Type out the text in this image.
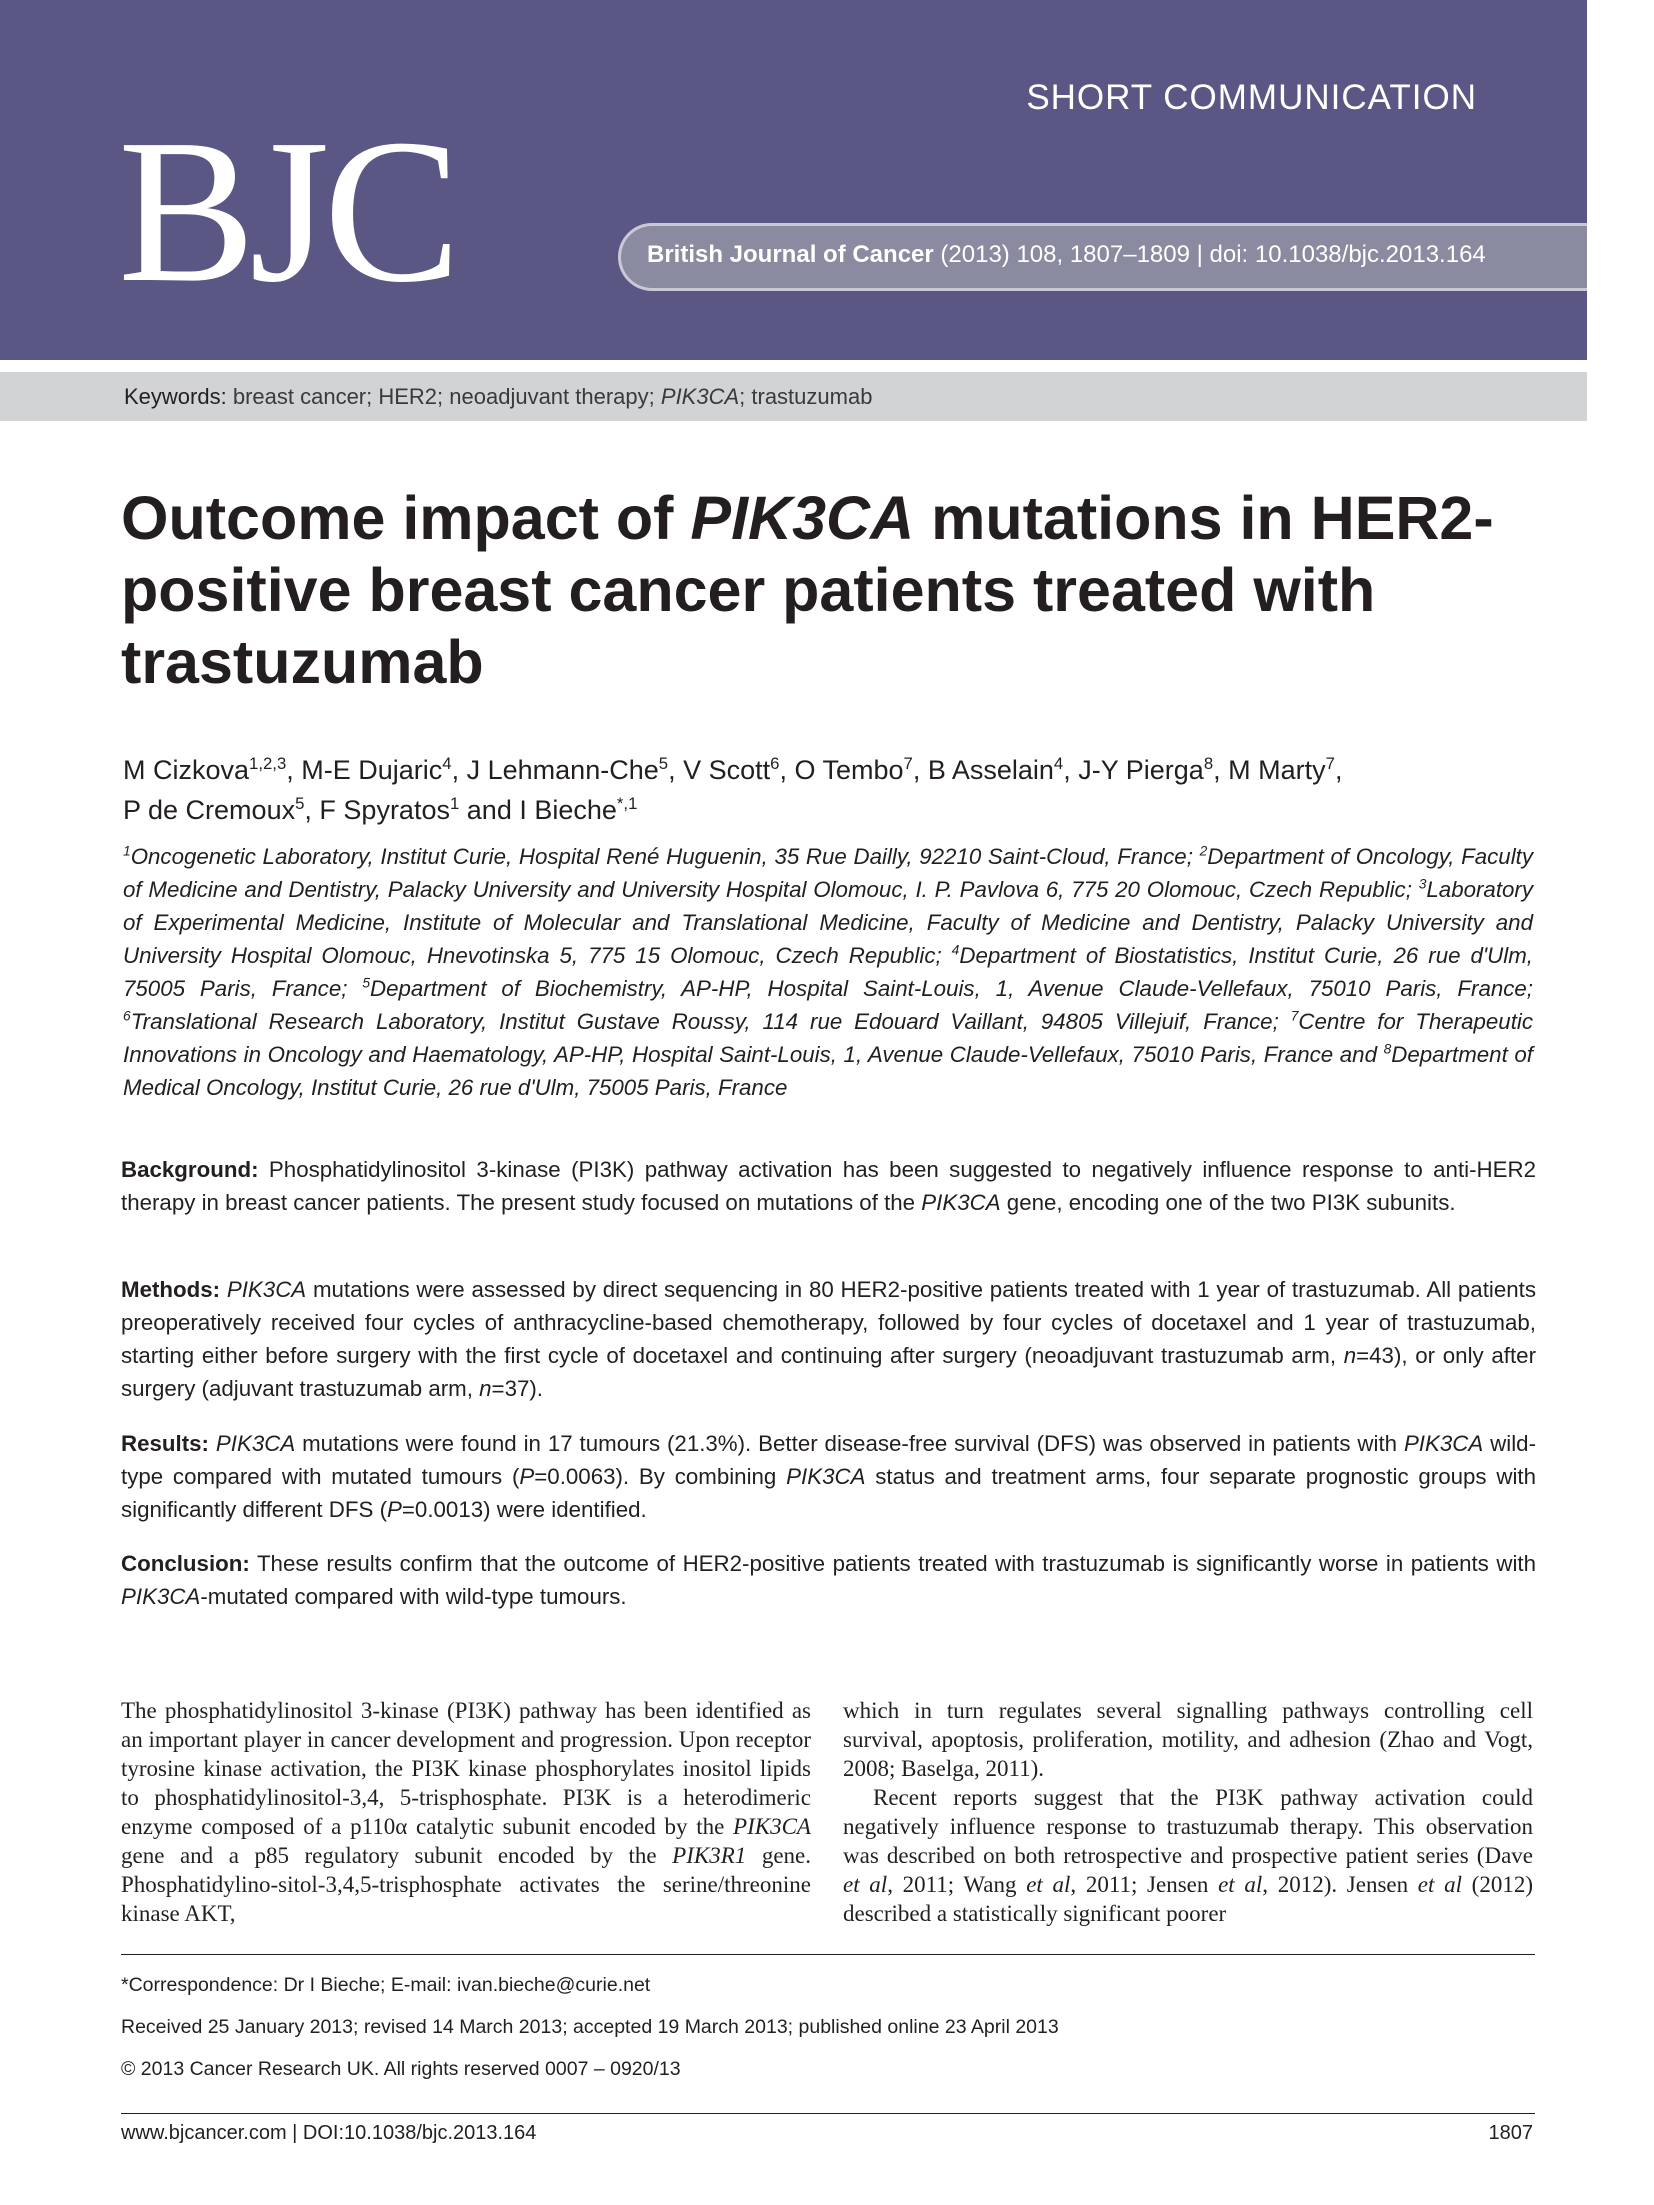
BJC	SHORT COMMUNICATION
British Journal of Cancer (2013) 108, 1807–1809 | doi: 10.1038/bjc.2013.164
Keywords: breast cancer; HER2; neoadjuvant therapy; PIK3CA; trastuzumab
Outcome impact of PIK3CA mutations in HER2-positive breast cancer patients treated with trastuzumab
M Cizkova$^{1,2,3}$, M-E Dujaric$^4$, J Lehmann-Che$^5$, V Scott$^6$, O Tembo$^7$, B Asselain$^4$, J-Y Pierga$^8$, M Marty$^7$,
P de Cremoux$^5$, F Spyratos$^1$ and I Bieche$^{*,1}$
$^1$Oncogenetic Laboratory, Institut Curie, Hospital René Huguenin, 35 Rue Dailly, 92210 Saint-Cloud, France; $^2$Department of Oncology, Faculty of Medicine and Dentistry, Palacky University and University Hospital Olomouc, I. P. Pavlova 6, 775 20 Olomouc, Czech Republic; $^3$Laboratory of Experimental Medicine, Institute of Molecular and Translational Medicine, Faculty of Medicine and Dentistry, Palacky University and University Hospital Olomouc, Hnevotinska 5, 775 15 Olomouc, Czech Republic; $^4$Department of Biostatistics, Institut Curie, 26 rue d'Ulm, 75005 Paris, France; $^5$Department of Biochemistry, AP-HP, Hospital Saint-Louis, 1, Avenue Claude-Vellefaux, 75010 Paris, France; $^6$Translational Research Laboratory, Institut Gustave Roussy, 114 rue Edouard Vaillant, 94805 Villejuif, France; $^7$Centre for Therapeutic Innovations in Oncology and Haematology, AP-HP, Hospital Saint-Louis, 1, Avenue Claude-Vellefaux, 75010 Paris, France and $^8$Department of Medical Oncology, Institut Curie, 26 rue d'Ulm, 75005 Paris, France
Background: Phosphatidylinositol 3-kinase (PI3K) pathway activation has been suggested to negatively influence response to anti-HER2 therapy in breast cancer patients. The present study focused on mutations of the PIK3CA gene, encoding one of the two PI3K subunits.
Methods: PIK3CA mutations were assessed by direct sequencing in 80 HER2-positive patients treated with 1 year of trastuzumab. All patients preoperatively received four cycles of anthracycline-based chemotherapy, followed by four cycles of docetaxel and 1 year of trastuzumab, starting either before surgery with the first cycle of docetaxel and continuing after surgery (neoadjuvant trastuzumab arm, n=43), or only after surgery (adjuvant trastuzumab arm, n=37).
Results: PIK3CA mutations were found in 17 tumours (21.3%). Better disease-free survival (DFS) was observed in patients with PIK3CA wild-type compared with mutated tumours (P=0.0063). By combining PIK3CA status and treatment arms, four separate prognostic groups with significantly different DFS (P=0.0013) were identified.
Conclusion: These results confirm that the outcome of HER2-positive patients treated with trastuzumab is significantly worse in patients with PIK3CA-mutated compared with wild-type tumours.
The phosphatidylinositol 3-kinase (PI3K) pathway has been identified as an important player in cancer development and progression. Upon receptor tyrosine kinase activation, the PI3K kinase phosphorylates inositol lipids to phosphatidylinositol-3,4, 5-trisphosphate. PI3K is a heterodimeric enzyme composed of a p110α catalytic subunit encoded by the PIK3CA gene and a p85 regulatory subunit encoded by the PIK3R1 gene. Phosphatidylino-sitol-3,4,5-trisphosphate activates the serine/threonine kinase AKT,
which in turn regulates several signalling pathways controlling cell survival, apoptosis, proliferation, motility, and adhesion (Zhao and Vogt, 2008; Baselga, 2011).
Recent reports suggest that the PI3K pathway activation could negatively influence response to trastuzumab therapy. This observation was described on both retrospective and prospective patient series (Dave et al, 2011; Wang et al, 2011; Jensen et al, 2012). Jensen et al (2012) described a statistically significant poorer
*Correspondence: Dr I Bieche; E-mail: ivan.bieche@curie.net
Received 25 January 2013; revised 14 March 2013; accepted 19 March 2013; published online 23 April 2013
© 2013 Cancer Research UK. All rights reserved 0007 – 0920/13
www.bjcancer.com | DOI:10.1038/bjc.2013.164	1807
